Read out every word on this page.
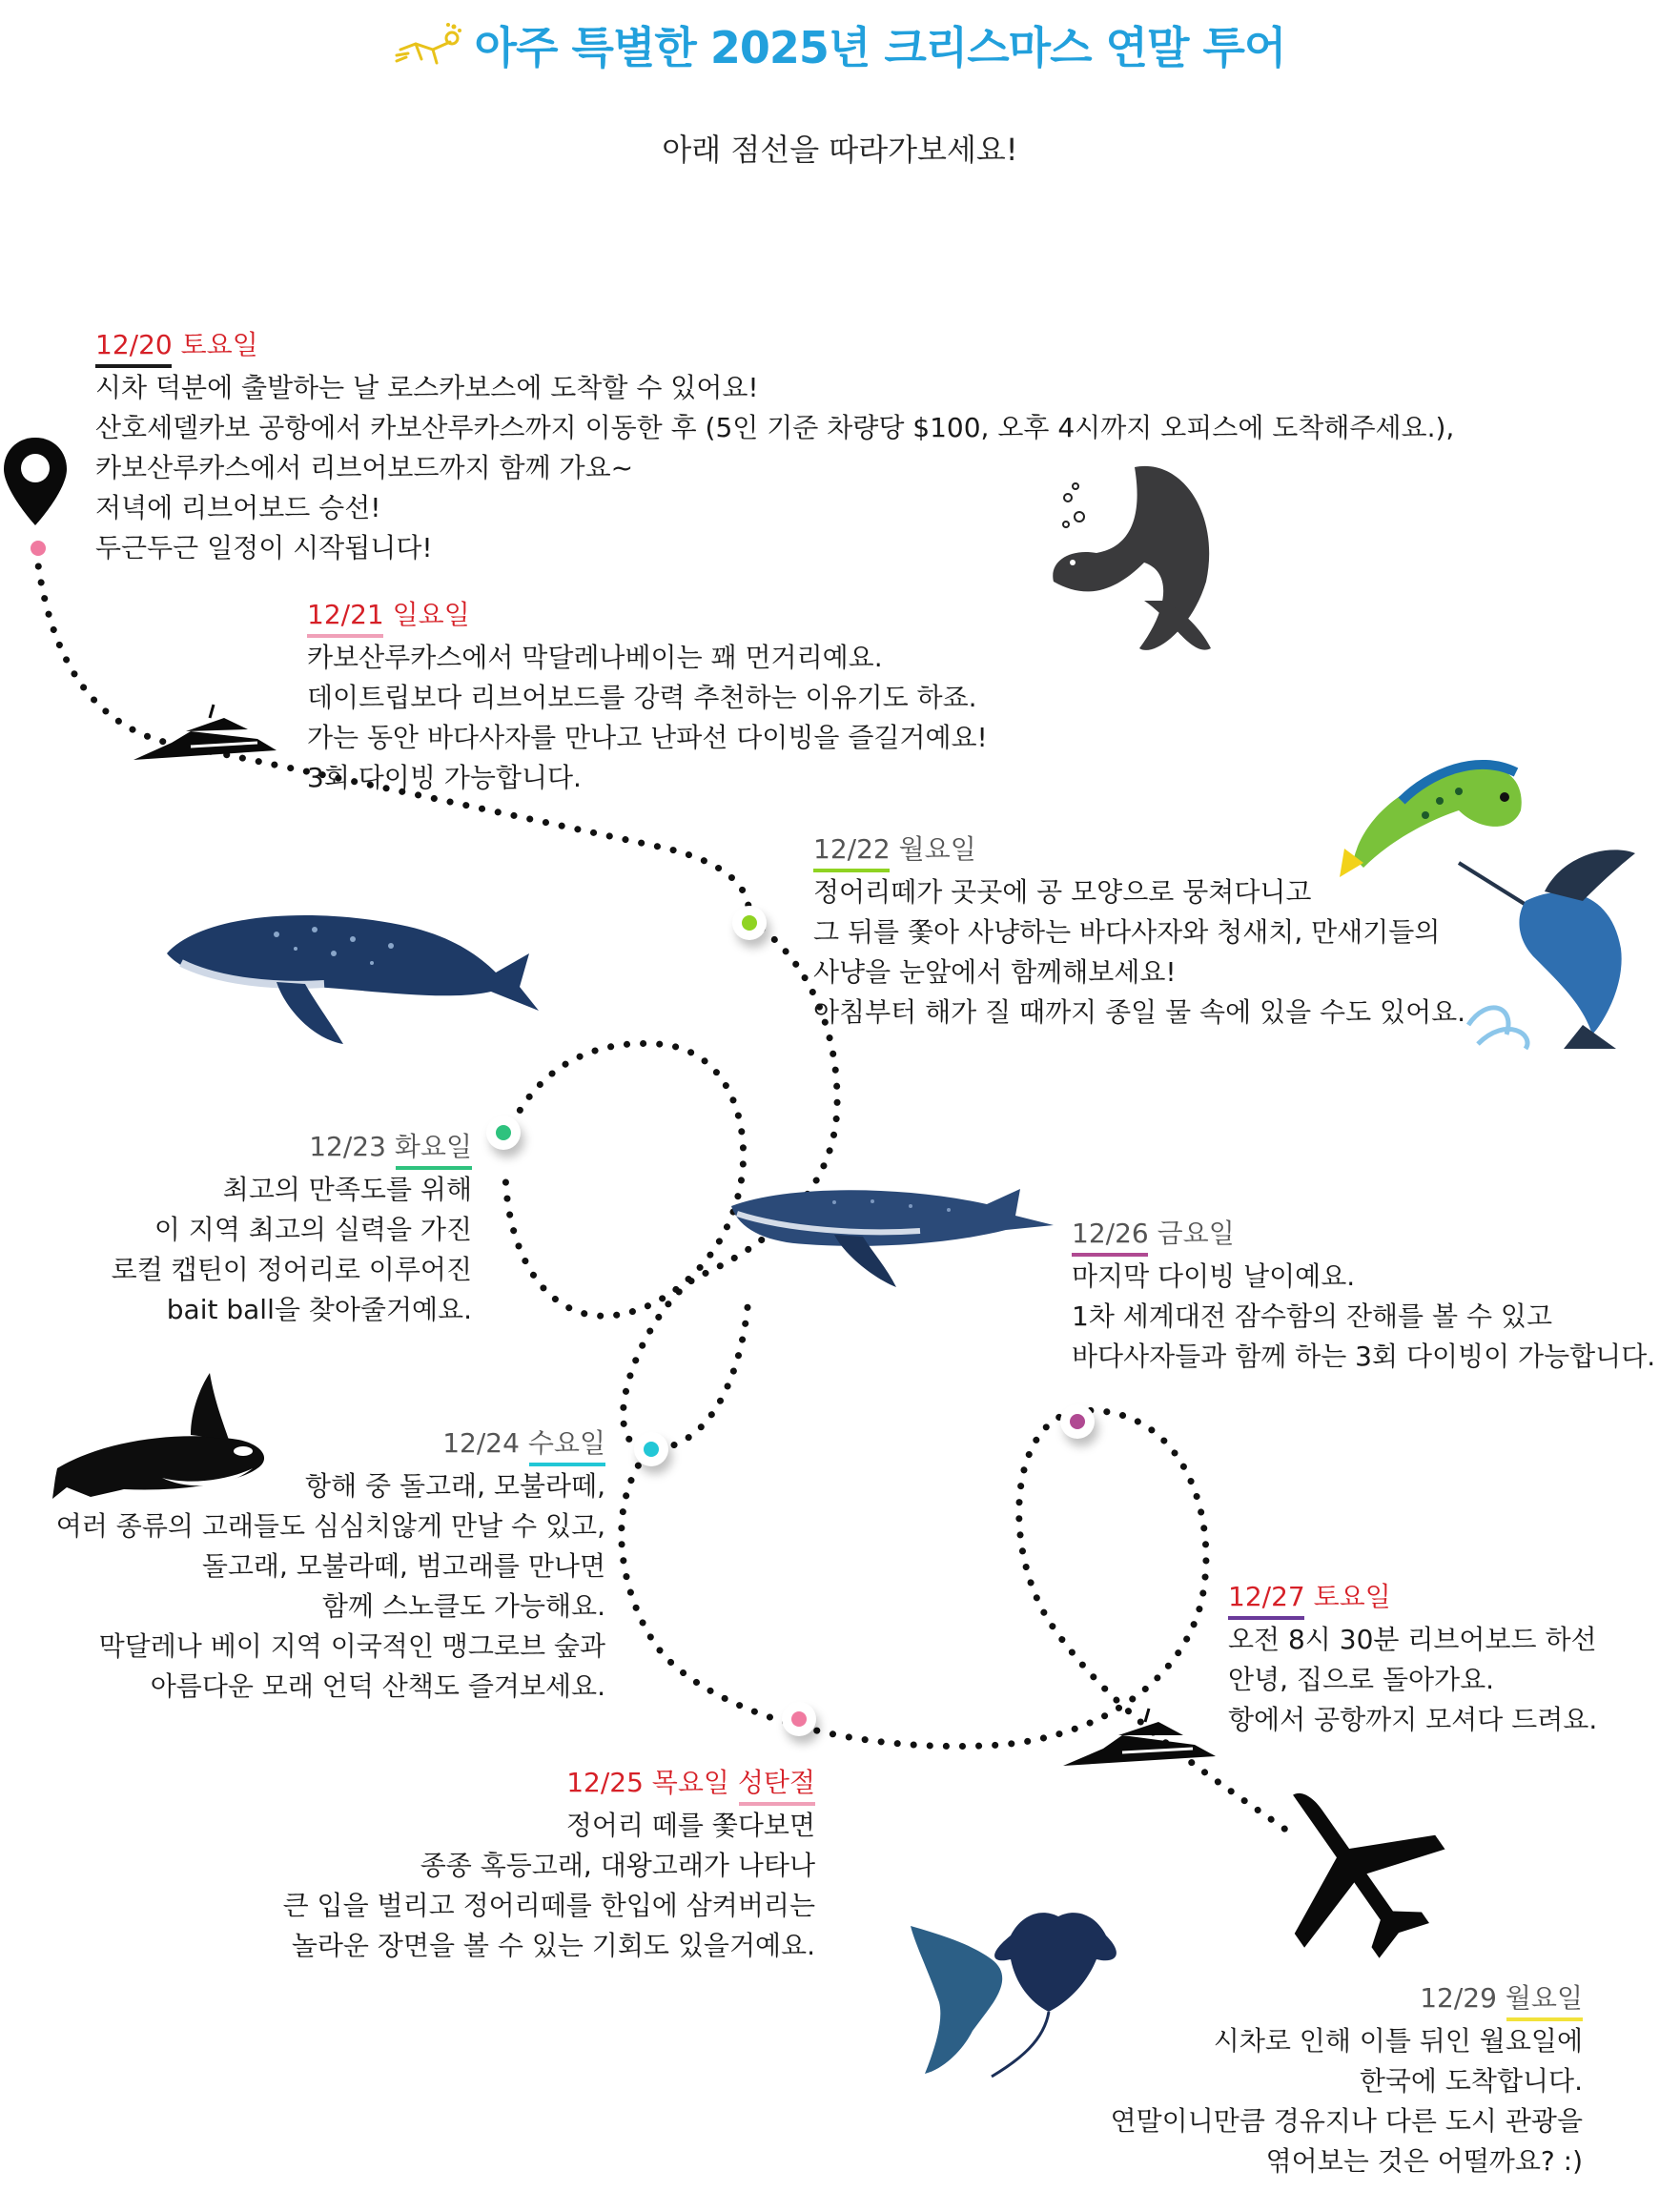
아주 특별한 2025년 크리스마스 연말 투어
아래 점선을 따라가보세요!
12/20 토요일
시차 덕분에 출발하는 날 로스카보스에 도착할 수 있어요!
산호세델카보 공항에서 카보산루카스까지 이동한 후 (5인 기준 차량당 $100, 오후 4시까지 오피스에 도착해주세요.),
카보산루카스에서 리브어보드까지 함께 가요~
저녁에 리브어보드 승선!
두근두근 일정이 시작됩니다!
12/21 일요일
카보산루카스에서 막달레나베이는 꽤 먼거리예요.
데이트립보다 리브어보드를 강력 추천하는 이유기도 하죠.
가는 동안 바다사자를 만나고 난파선 다이빙을 즐길거예요!
3회 다이빙 가능합니다.
12/22 월요일
정어리떼가 곳곳에 공 모양으로 뭉쳐다니고
그 뒤를 쫓아 사냥하는 바다사자와 청새치, 만새기들의
사냥을 눈앞에서 함께해보세요!
아침부터 해가 질 때까지 종일 물 속에 있을 수도 있어요.
12/23 화요일
최고의 만족도를 위해
이 지역 최고의 실력을 가진
로컬 캡틴이 정어리로 이루어진
bait ball을 찾아줄거예요.
12/24 수요일
항해 중 돌고래, 모불라떼,
여러 종류의 고래들도 심심치않게 만날 수 있고,
돌고래, 모불라떼, 범고래를 만나면
함께 스노클도 가능해요.
막달레나 베이 지역 이국적인 맹그로브 숲과
아름다운 모래 언덕 산책도 즐겨보세요.
12/25 목요일 성탄절
정어리 떼를 쫓다보면
종종 혹등고래, 대왕고래가 나타나
큰 입을 벌리고 정어리떼를 한입에 삼켜버리는
놀라운 장면을 볼 수 있는 기회도 있을거예요.
12/26 금요일
마지막 다이빙 날이예요.
1차 세계대전 잠수함의 잔해를 볼 수 있고
바다사자들과 함께 하는 3회 다이빙이 가능합니다.
12/27 토요일
오전 8시 30분 리브어보드 하선
안녕, 집으로 돌아가요.
항에서 공항까지 모셔다 드려요.
12/29 월요일
시차로 인해 이틀 뒤인 월요일에
한국에 도착합니다.
연말이니만큼 경유지나 다른 도시 관광을
엮어보는 것은 어떨까요? :)
